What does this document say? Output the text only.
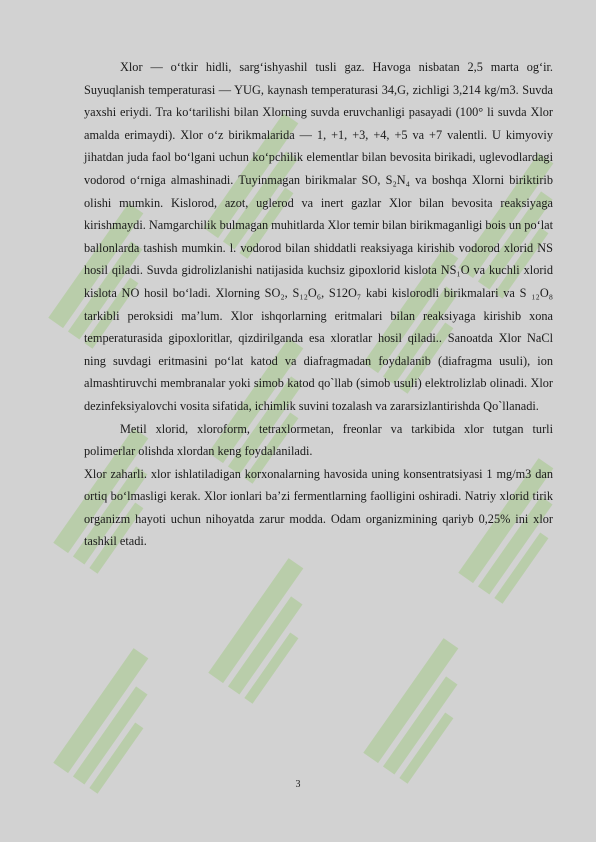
Xlor — o‘tkir hidli, sarg‘ishyashil tusli gaz. Havoga nisbatan 2,5 marta og‘ir. Suyuqlanish temperaturasi — YUG, kaynash temperaturasi 34,G, zichligi 3,214 kg/m3. Suvda yaxshi eriydi. Tra ko‘tarilishi bilan Xlorning suvda eruvchanligi pasayadi (100° li suvda Xlor amalda erimaydi). Xlor o‘z birikmalarida — 1, +1, +3, +4, +5 va +7 valentli. U kimyoviy jihatdan juda faol bo‘lgani uchun ko‘pchilik elementlar bilan bevosita birikadi, uglevodlardagi vodorod o‘rniga almashinadi. Tuyinmagan birikmalar SO, S₂N₄ va boshqa Xlorni biriktirib olishi mumkin. Kislorod, azot, uglerod va inert gazlar Xlor bilan bevosita reaksiyaga kirishmaydi. Namgarchilik bulmagan muhitlarda Xlor temir bilan birikmaganligi bois un po‘lat ballonlarda tashish mumkin. l. vodorod bilan shiddatli reaksiyaga kirishib vodorod xlorid NS hosil qiladi. Suvda gidrolizlanishi natijasida kuchsiz gipoxlorid kislota NS₁O va kuchli xlorid kislota NO hosil bo‘ladi. Xlorning SO₂, S₁₂O₆, S12O₇ kabi kislorodli birikmalari va S ₁₂O₈ tarkibli peroksidi ma’lum. Xlor ishqorlarning eritmalari bilan reaksiyaga kirishib xona temperaturasida gipoxloritlar, qizdirilganda esa xloratlar hosil qiladi.. Sanoatda Xlor NaCl ning suvdagi eritmasini po‘lat katod va diafragmadan foydalanib (diafragma usuli), ion almashtiruvchi membranalar yoki simob katod qo`llab (simob usuli) elektrolizlab olinadi. Xlor dezinfeksiyalovchi vosita sifatida, ichimlik suvini tozalash va zararsizlantirishda Qo`llanadi.

Metil xlorid, xloroform, tetraxlormetan, freonlar va tarkibida xlor tutgan turli polimerlar olishda xlordan keng foydalaniladi.

Xlor zaharli. xlor ishlatiladigan korxonalarning havosida uning konsentratsiyasi 1 mg/m3 dan ortiq bo‘lmasligi kerak. Xlor ionlari ba’zi fermentlarning faolligini oshiradi. Natriy xlorid tirik organizm hayoti uchun nihoyatda zarur modda. Odam organizmining qariyb 0,25% ini xlor tashkil etadi.

3
